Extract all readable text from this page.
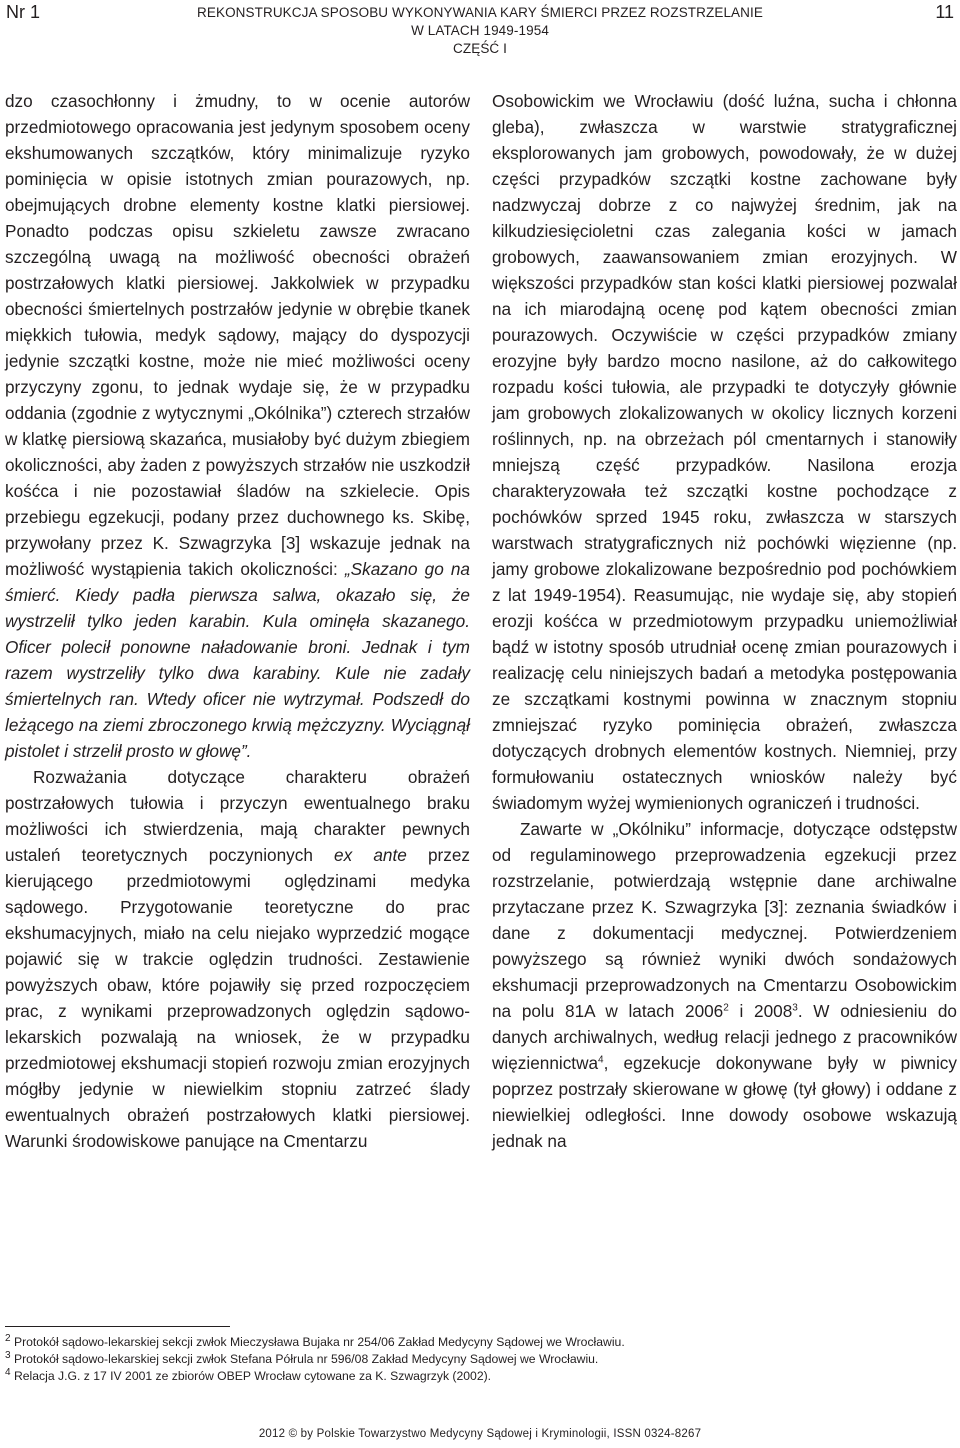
Nr 1	REKONSTRUKCJA SPOSOBU WYKONYWANIA KARY ŚMIERCI PRZEZ ROZSTRZELANIE
W LATACH 1949-1954
CZĘŚĆ I
11

dzo czasochłonny i żmudny, to w ocenie autorów przedmiotowego opracowania jest jedynym sposobem oceny ekshumowanych szczątków, który minimalizuje ryzyko pominięcia w opisie istotnych zmian pourazowych, np. obejmujących drobne elementy kostne klatki piersiowej. Ponadto podczas opisu szkieletu zawsze zwracano szczególną uwagą na możliwość obecności obrażeń postrzałowych klatki piersiowej. Jakkolwiek w przypadku obecności śmiertelnych postrzałów jedynie w obrębie tkanek miękkich tułowia, medyk sądowy, mający do dyspozycji jedynie szczątki kostne, może nie mieć możliwości oceny przyczyny zgonu, to jednak wydaje się, że w przypadku oddania (zgodnie z wytycznymi „Okólnika”) czterech strzałów w klatkę piersiową skazańca, musiałoby być dużym zbiegiem okoliczności, aby żaden z powyższych strzałów nie uszkodził kośćca i nie pozostawiał śladów na szkielecie. Opis przebiegu egzekucji, podany przez duchownego ks. Skibę, przywołany przez K. Szwagrzyka [3] wskazuje jednak na możliwość wystąpienia takich okoliczności: „Skazano go na śmierć. Kiedy padła pierwsza salwa, okazało się, że wystrzelił tylko jeden karabin. Kula ominęła skazanego. Oficer polecił ponowne naładowanie broni. Jednak i tym razem wystrzeliły tylko dwa karabiny. Kule nie zadały śmiertelnych ran. Wtedy oficer nie wytrzymał. Podszedł do leżącego na ziemi zbroczonego krwią mężczyzny. Wyciągnął pistolet i strzelił prosto w głowę”.

Rozważania dotyczące charakteru obrażeń postrzałowych tułowia i przyczyn ewentualnego braku możliwości ich stwierdzenia, mają charakter pewnych ustaleń teoretycznych poczynionych ex ante przez kierującego przedmiotowymi oględzinami medyka sądowego. Przygotowanie teoretyczne do prac ekshumacyjnych, miało na celu niejako wyprzedzić mogące pojawić się w trakcie oględzin trudności. Zestawienie powyższych obaw, które pojawiły się przed rozpoczęciem prac, z wynikami przeprowadzonych oględzin sądowo-lekarskich pozwalają na wniosek, że w przypadku przedmiotowej ekshumacji stopień rozwoju zmian erozyjnych mógłby jedynie w niewielkim stopniu zatrzeć ślady ewentualnych obrażeń postrzałowych klatki piersiowej. Warunki środowiskowe panujące na Cmentarzu

Osobowickim we Wrocławiu (dość luźna, sucha i chłonna gleba), zwłaszcza w warstwie stratygraficznej eksplorowanych jam grobowych, powodowały, że w dużej części przypadków szczątki kostne zachowane były nadzwyczaj dobrze z co najwyżej średnim, jak na kilkudziesięcioletni czas zalegania kości w jamach grobowych, zaawansowaniem zmian erozyjnych. W większości przypadków stan kości klatki piersiowej pozwalał na ich miarodajną ocenę pod kątem obecności zmian pourazowych. Oczywiście w części przypadków zmiany erozyjne były bardzo mocno nasilone, aż do całkowitego rozpadu kości tułowia, ale przypadki te dotyczyły głównie jam grobowych zlokalizowanych w okolicy licznych korzeni roślinnych, np. na obrzeżach pól cmentarnych i stanowiły mniejszą część przypadków. Nasilona erozja charakteryzowała też szczątki kostne pochodzące z pochówków sprzed 1945 roku, zwłaszcza w starszych warstwach stratygraficznych niż pochówki więzienne (np. jamy grobowe zlokalizowane bezpośrednio pod pochówkiem z lat 1949-1954). Reasumując, nie wydaje się, aby stopień erozji kośćca w przedmiotowym przypadku uniemożliwiał bądź w istotny sposób utrudniał ocenę zmian pourazowych i realizację celu niniejszych badań a metodyka postępowania ze szczątkami kostnymi powinna w znacznym stopniu zmniejszać ryzyko pominięcia obrażeń, zwłaszcza dotyczących drobnych elementów kostnych. Niemniej, przy formułowaniu ostatecznych wniosków należy być świadomym wyżej wymienionych ograniczeń i trudności.

Zawarte w „Okólniku” informacje, dotyczące odstępstw od regulaminowego przeprowadzenia egzekucji przez rozstrzelanie, potwierdzają wstępnie dane archiwalne przytaczane przez K. Szwagrzyka [3]: zeznania świadków i dane z dokumentacji medycznej. Potwierdzeniem powyższego są również wyniki dwóch sondażowych ekshumacji przeprowadzonych na Cmentarzu Osobowickim na polu 81A w latach 2006$^2$ i 2008$^3$. W odniesieniu do danych archiwalnych, według relacji jednego z pracowników więziennictwa$^4$, egzekucje dokonywane były w piwnicy poprzez postrzały skierowane w głowę (tył głowy) i oddane z niewielkiej odległości. Inne dowody osobowe wskazują jednak na

$^2$ Protokół sądowo-lekarskiej sekcji zwłok Mieczysława Bujaka nr 254/06 Zakład Medycyny Sądowej we Wrocławiu.
$^3$ Protokół sądowo-lekarskiej sekcji zwłok Stefana Półrula nr 596/08 Zakład Medycyny Sądowej we Wrocławiu.
$^4$ Relacja J.G. z 17 IV 2001 ze zbiorów OBEP Wrocław cytowane za K. Szwagrzyk (2002).
2012 © by Polskie Towarzystwo Medycyny Sądowej i Kryminologii, ISSN 0324-8267
